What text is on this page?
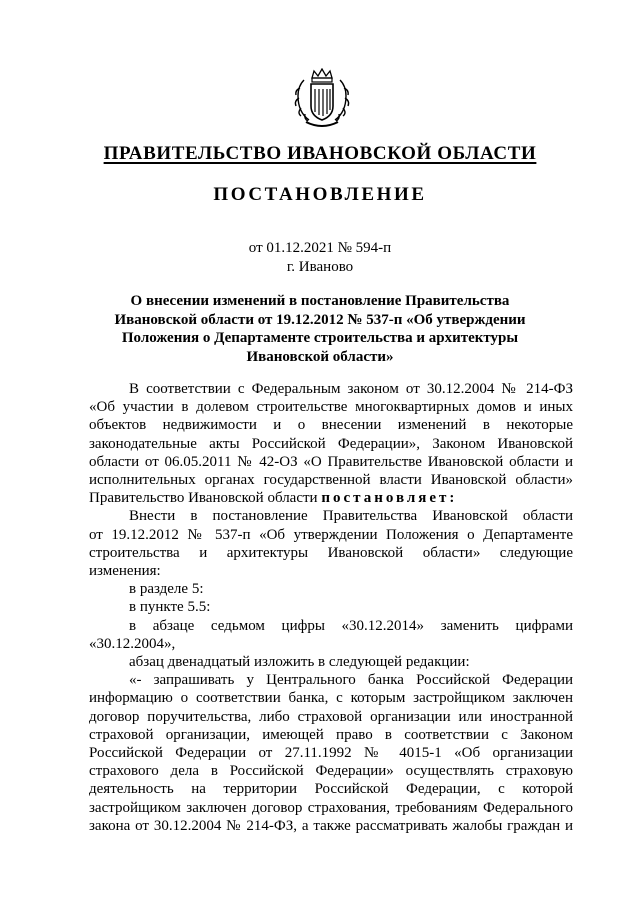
ПРАВИТЕЛЬСТВО ИВАНОВСКОЙ ОБЛАСТИ
ПОСТАНОВЛЕНИЕ
от 01.12.2021 № 594-п
г. Иваново
О внесении изменений в постановление Правительства
Ивановской области от 19.12.2012 № 537-п «Об утверждении
Положения о Департаменте строительства и архитектуры
Ивановской области»
В соответствии с Федеральным законом от 30.12.2004 № 214-ФЗ
«Об участии в долевом строительстве многоквартирных домов и иных
объектов недвижимости и о внесении изменений в некоторые
законодательные акты Российской Федерации», Законом Ивановской
области от 06.05.2011 № 42-ОЗ «О Правительстве Ивановской области и
исполнительных органах государственной власти Ивановской области»
Правительство Ивановской области постановляет:
Внести в постановление Правительства Ивановской области
от 19.12.2012 № 537-п «Об утверждении Положения о Департаменте
строительства и архитектуры Ивановской области» следующие
изменения:
в разделе 5:
в пункте 5.5:
в абзаце седьмом цифры «30.12.2014» заменить цифрами
«30.12.2004»,
абзац двенадцатый изложить в следующей редакции:
«- запрашивать у Центрального банка Российской Федерации
информацию о соответствии банка, с которым застройщиком заключен
договор поручительства, либо страховой организации или иностранной
страховой организации, имеющей право в соответствии с Законом
Российской Федерации от 27.11.1992 № 4015-1 «Об организации
страхового дела в Российской Федерации» осуществлять страховую
деятельность на территории Российской Федерации, с которой
застройщиком заключен договор страхования, требованиям Федерального
закона от 30.12.2004 № 214-ФЗ, а также рассматривать жалобы граждан и
